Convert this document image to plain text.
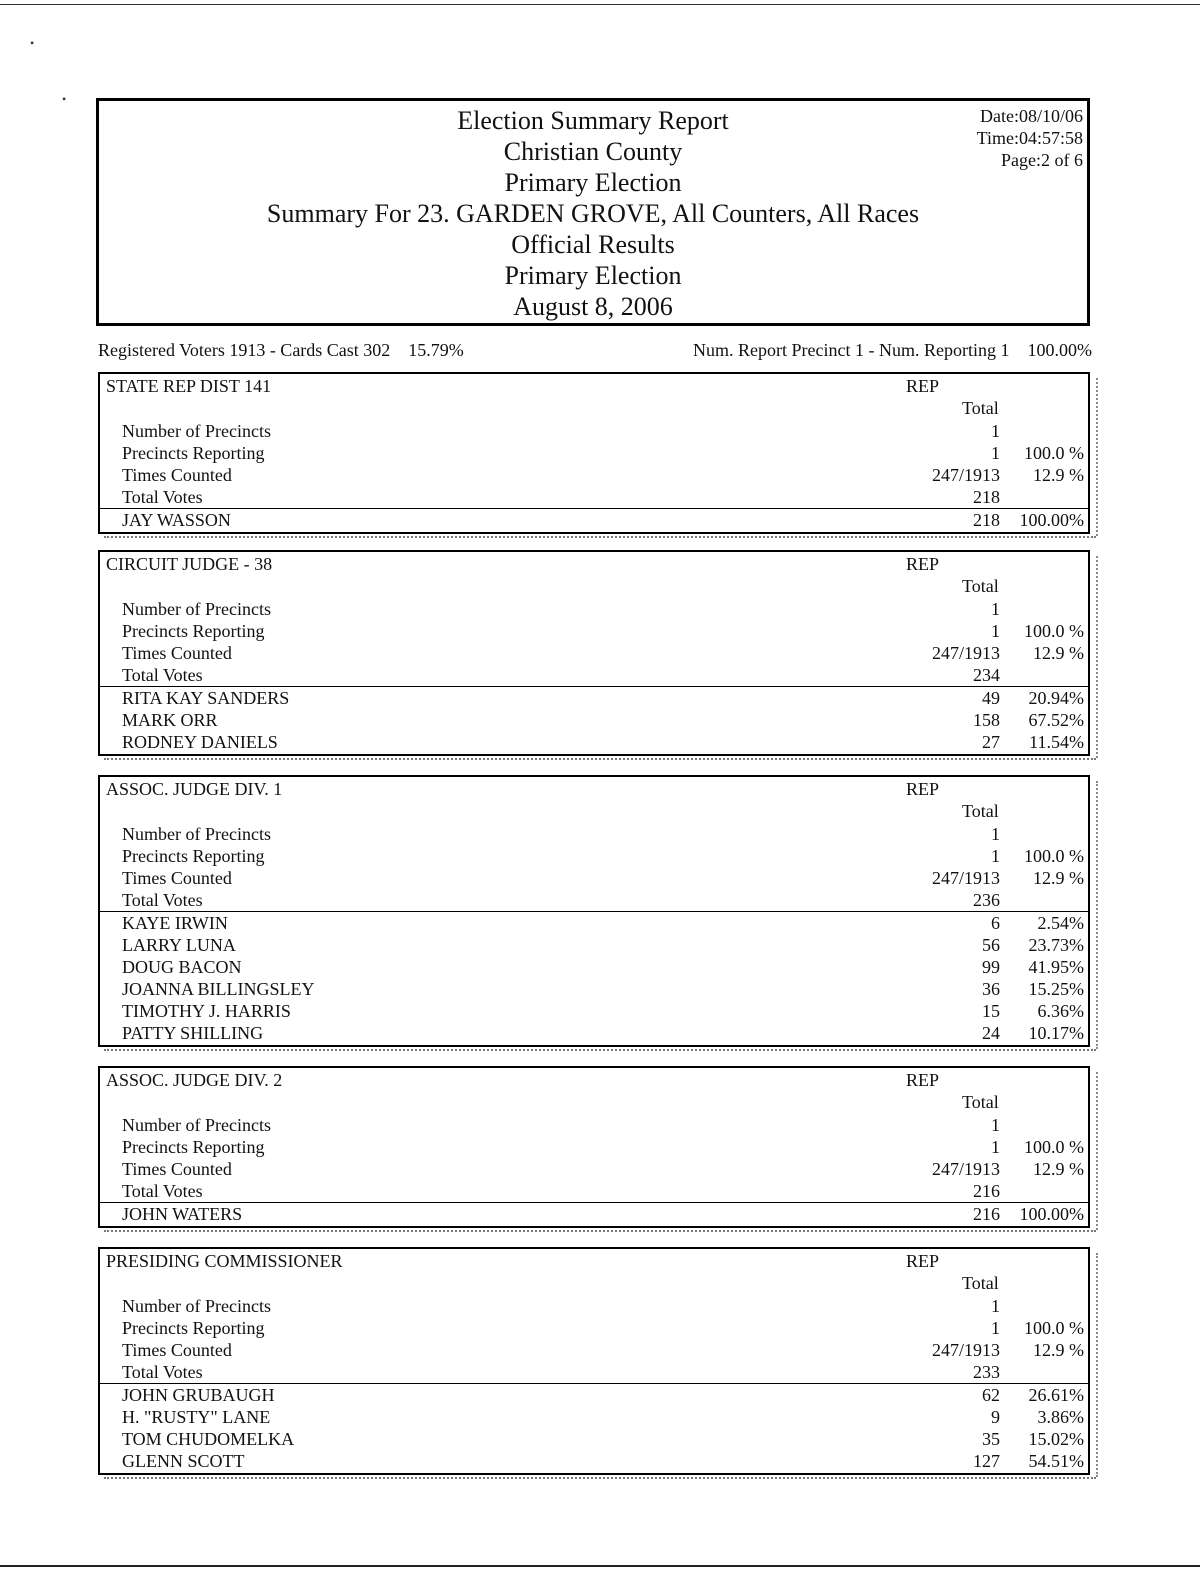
•
•
Election Summary Report
Christian County
Primary Election
Summary For 23. GARDEN GROVE, All Counters, All Races
Official Results
Primary Election
August 8, 2006
Date:08/10/06
Time:04:57:58
Page:2 of 6
Registered Voters 1913 - Cards Cast 302    15.79%	Num. Report Precinct 1 - Num. Reporting 1    100.00%
STATE REP DIST 141	REP
Total
Number of Precincts	1
Precincts Reporting	1 100.0 %
Times Counted	247/1913 12.9 %
Total Votes	218
JAY WASSON	218 100.00%
CIRCUIT JUDGE - 38	REP
Total
Number of Precincts	1
Precincts Reporting	1 100.0 %
Times Counted	247/1913 12.9 %
Total Votes	234
RITA KAY SANDERS	49 20.94%
MARK ORR	158 67.52%
RODNEY DANIELS	27 11.54%
ASSOC. JUDGE DIV. 1	REP
Total
Number of Precincts	1
Precincts Reporting	1 100.0 %
Times Counted	247/1913 12.9 %
Total Votes	236
KAYE IRWIN	6 2.54%
LARRY LUNA	56 23.73%
DOUG BACON	99 41.95%
JOANNA BILLINGSLEY	36 15.25%
TIMOTHY J. HARRIS	15 6.36%
PATTY SHILLING	24 10.17%
ASSOC. JUDGE DIV. 2	REP
Total
Number of Precincts	1
Precincts Reporting	1 100.0 %
Times Counted	247/1913 12.9 %
Total Votes	216
JOHN WATERS	216 100.00%
PRESIDING COMMISSIONER	REP
Total
Number of Precincts	1
Precincts Reporting	1 100.0 %
Times Counted	247/1913 12.9 %
Total Votes	233
JOHN GRUBAUGH	62 26.61%
H. "RUSTY" LANE	9 3.86%
TOM CHUDOMELKA	35 15.02%
GLENN SCOTT	127 54.51%
